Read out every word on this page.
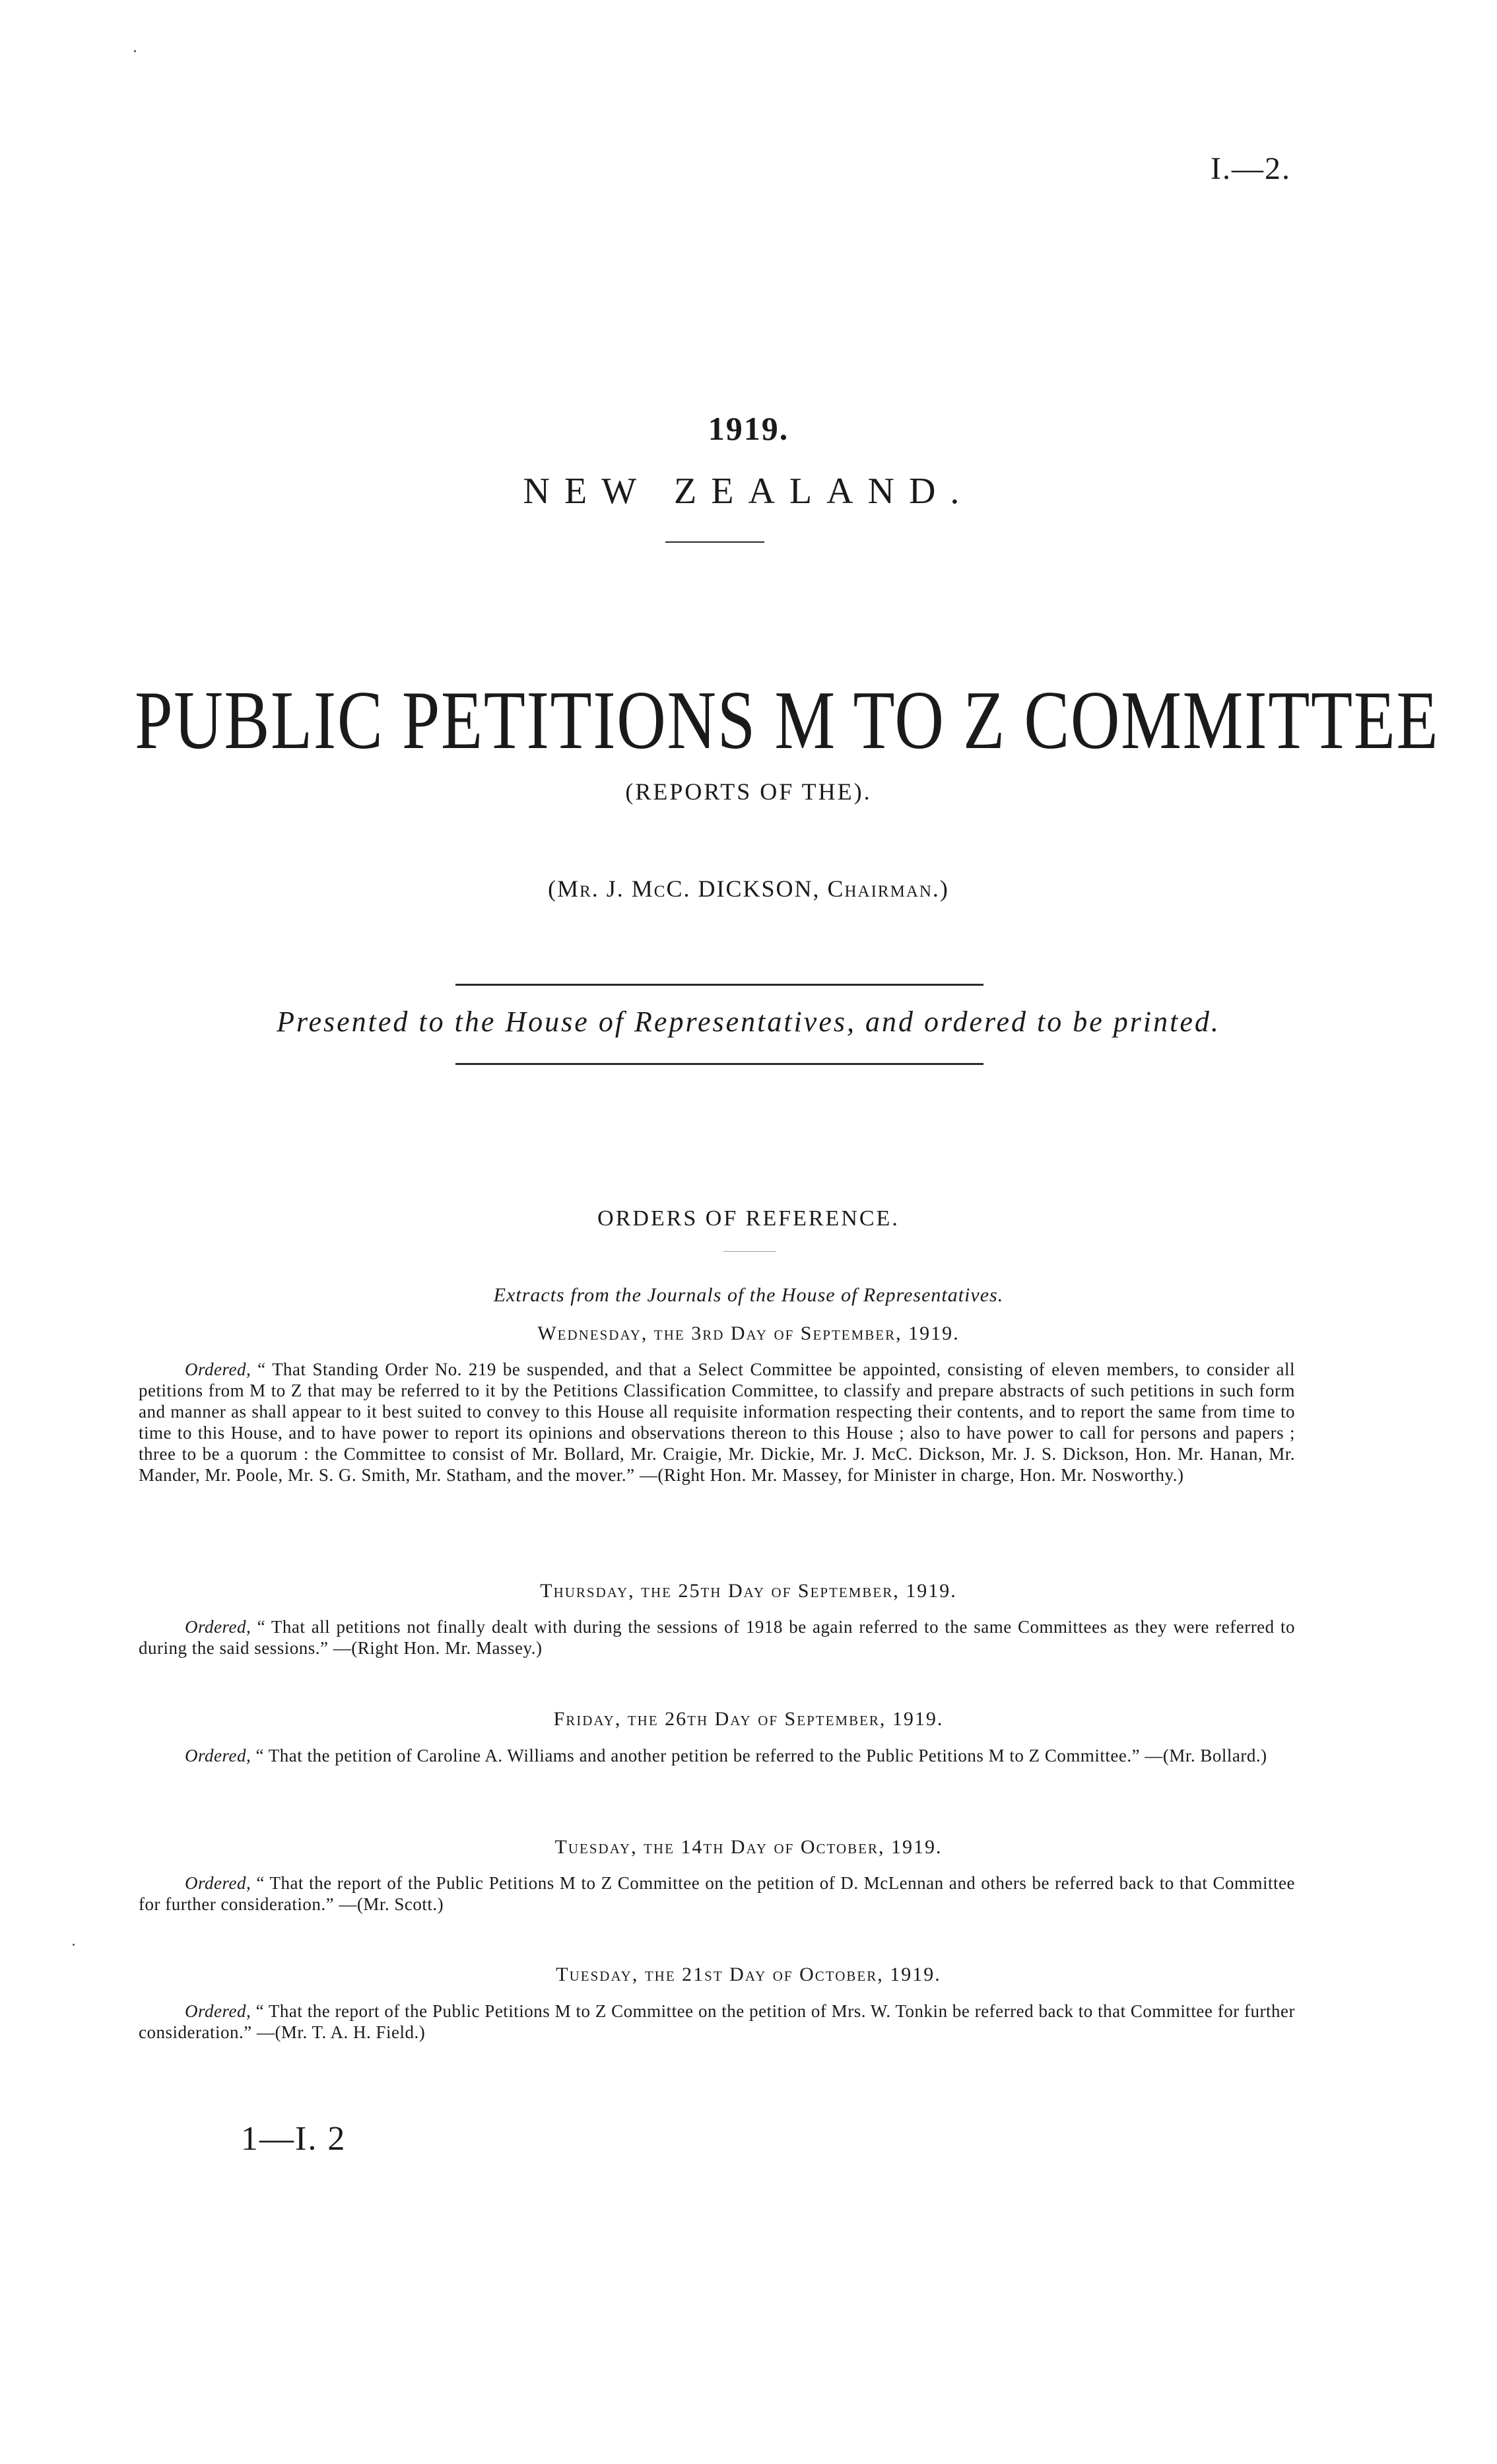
I.—2.
1919.
NEW ZEALAND.
PUBLIC PETITIONS M TO Z COMMITTEE
(REPORTS OF THE).
(Mr. J. McC. DICKSON, Chairman.)
Presented to the House of Representatives, and ordered to be printed.
ORDERS OF REFERENCE.
Extracts from the Journals of the House of Representatives.
Wednesday, the 3rd Day of September, 1919.
Ordered, “ That Standing Order No. 219 be suspended, and that a Select Committee be appointed, consisting of eleven members, to consider all petitions from M to Z that may be referred to it by the Petitions Classification Committee, to classify and prepare abstracts of such petitions in such form and manner as shall appear to it best suited to convey to this House all requisite information respecting their contents, and to report the same from time to time to this House, and to have power to report its opinions and observations thereon to this House ; also to have power to call for persons and papers ; three to be a quorum : the Committee to consist of Mr. Bollard, Mr. Craigie, Mr. Dickie, Mr. J. McC. Dickson, Mr. J. S. Dickson, Hon. Mr. Hanan, Mr. Mander, Mr. Poole, Mr. S. G. Smith, Mr. Statham, and the mover.” —(Right Hon. Mr. Massey, for Minister in charge, Hon. Mr. Nosworthy.)
Thursday, the 25th Day of September, 1919.
Ordered, “ That all petitions not finally dealt with during the sessions of 1918 be again referred to the same Committees as they were referred to during the said sessions.” —(Right Hon. Mr. Massey.)
Friday, the 26th Day of September, 1919.
Ordered, “ That the petition of Caroline A. Williams and another petition be referred to the Public Petitions M to Z Committee.” —(Mr. Bollard.)
Tuesday, the 14th Day of October, 1919.
Ordered, “ That the report of the Public Petitions M to Z Committee on the petition of D. McLennan and others be referred back to that Committee for further consideration.” —(Mr. Scott.)
Tuesday, the 21st Day of October, 1919.
Ordered, “ That the report of the Public Petitions M to Z Committee on the petition of Mrs. W. Tonkin be referred back to that Committee for further consideration.” —(Mr. T. A. H. Field.)
1—I. 2
